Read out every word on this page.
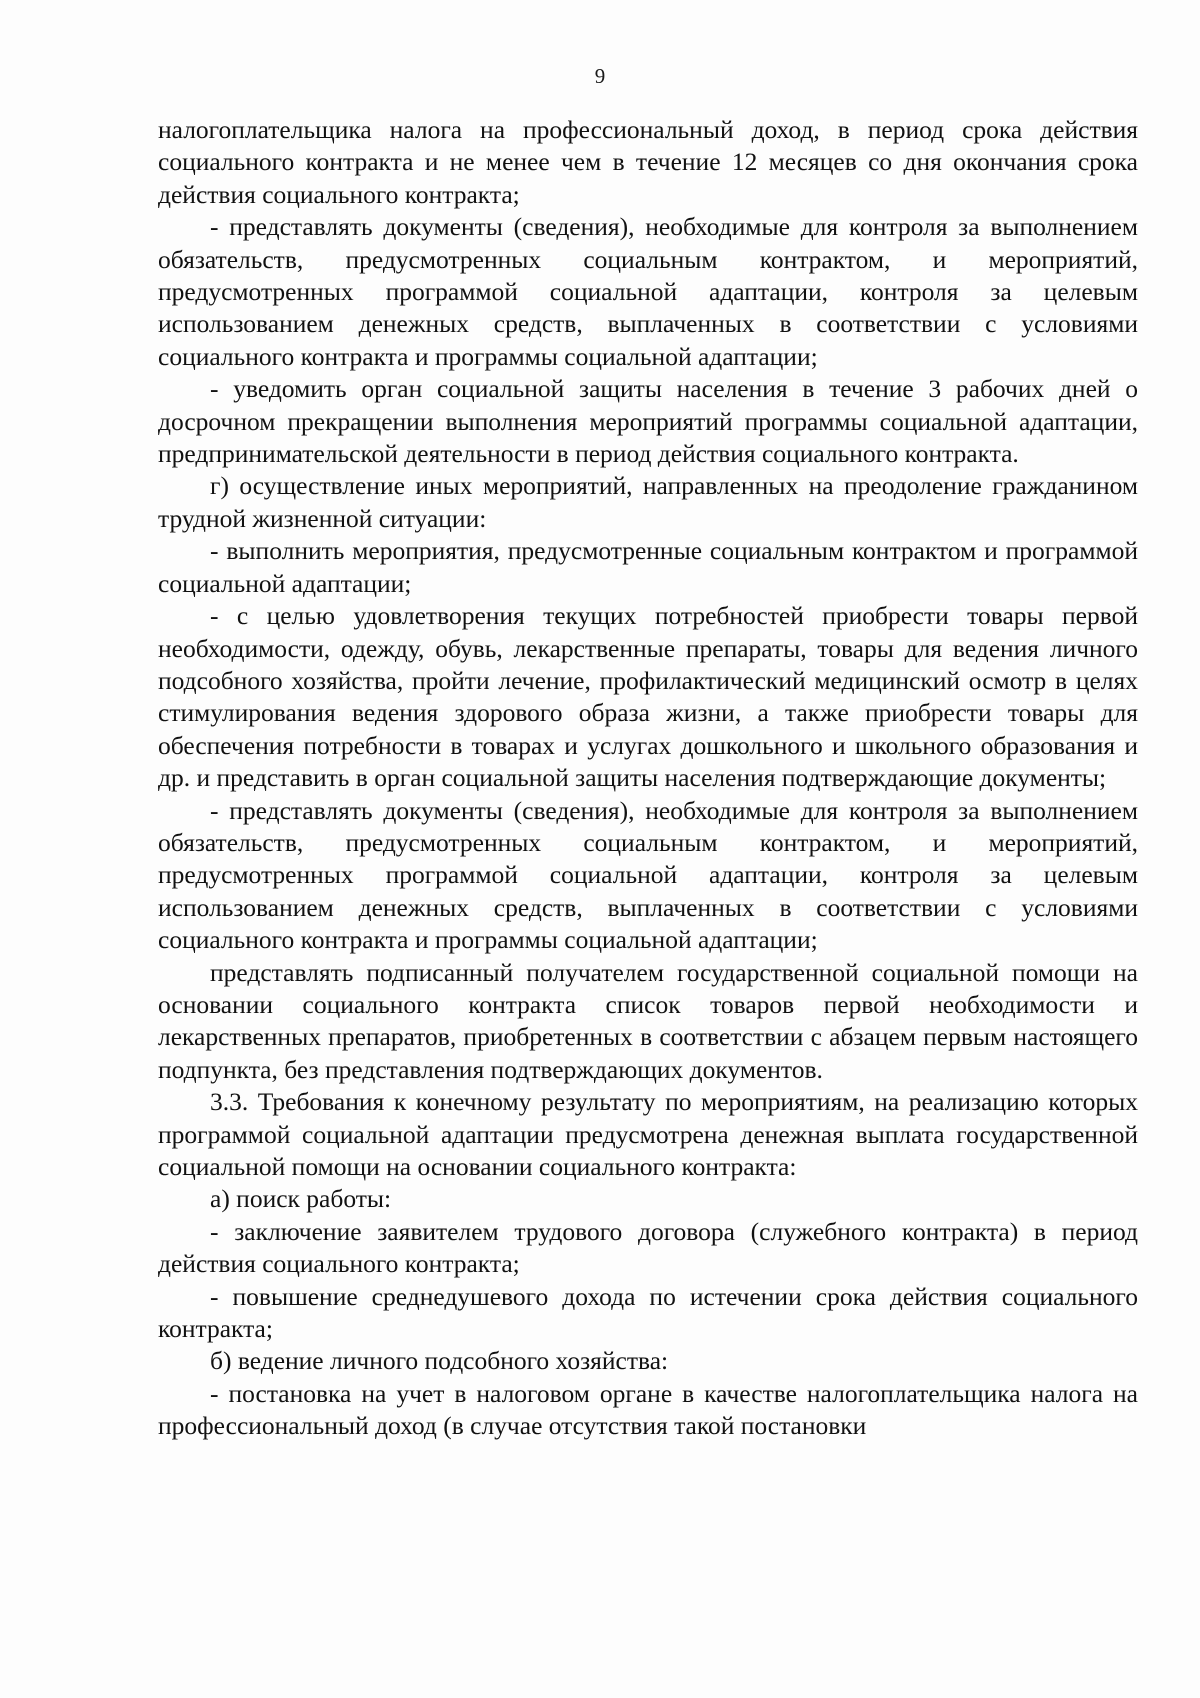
9

налогоплательщика налога на профессиональный доход, в период срока действия социального контракта и не менее чем в течение 12 месяцев со дня окончания срока действия социального контракта;

- представлять документы (сведения), необходимые для контроля за выполнением обязательств, предусмотренных социальным контрактом, и мероприятий, предусмотренных программой социальной адаптации, контроля за целевым использованием денежных средств, выплаченных в соответствии с условиями социального контракта и программы социальной адаптации;

- уведомить орган социальной защиты населения в течение 3 рабочих дней о досрочном прекращении выполнения мероприятий программы социальной адаптации, предпринимательской деятельности в период действия социального контракта.

г) осуществление иных мероприятий, направленных на преодоление гражданином трудной жизненной ситуации:

- выполнить мероприятия, предусмотренные социальным контрактом и программой социальной адаптации;

- с целью удовлетворения текущих потребностей приобрести товары первой необходимости, одежду, обувь, лекарственные препараты, товары для ведения личного подсобного хозяйства, пройти лечение, профилактический медицинский осмотр в целях стимулирования ведения здорового образа жизни, а также приобрести товары для обеспечения потребности в товарах и услугах дошкольного и школьного образования и др. и представить в орган социальной защиты населения подтверждающие документы;

- представлять документы (сведения), необходимые для контроля за выполнением обязательств, предусмотренных социальным контрактом, и мероприятий, предусмотренных программой социальной адаптации, контроля за целевым использованием денежных средств, выплаченных в соответствии с условиями социального контракта и программы социальной адаптации;

представлять подписанный получателем государственной социальной помощи на основании социального контракта список товаров первой необходимости и лекарственных препаратов, приобретенных в соответствии с абзацем первым настоящего подпункта, без представления подтверждающих документов.

3.3. Требования к конечному результату по мероприятиям, на реализацию которых программой социальной адаптации предусмотрена денежная выплата государственной социальной помощи на основании социального контракта:

а) поиск работы:

- заключение заявителем трудового договора (служебного контракта) в период действия социального контракта;

- повышение среднедушевого дохода по истечении срока действия социального контракта;

б) ведение личного подсобного хозяйства:

- постановка на учет в налоговом органе в качестве налогоплательщика налога на профессиональный доход (в случае отсутствия такой постановки
